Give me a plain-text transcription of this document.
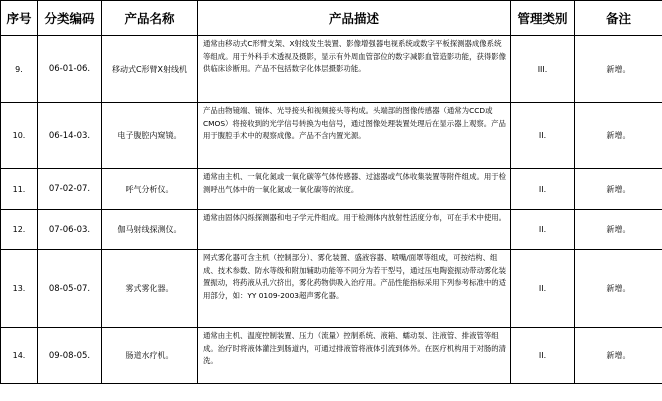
序号	分类编码	产品名称	产品描述	管理类别	备注
9.	06-01-06.	移动式C形臂X射线机	通常由移动式C形臂支架、X射线发生装置、影像增强器电视系统或数字平板探测器成像系统等组成。用于外科手术透视及摄影，显示有外周血管部位的数字减影血管造影功能，获得影像供临床诊断用。产品不包括数字化体层摄影功能。	III.	新增。
10.	06-14-03.	电子腹腔内窥镜。	产品由物镜端、镜体、光导接头和视频接头等构成。头端部的图像传感器（通常为CCD或CMOS）将接收到的光学信号转换为电信号，通过图像处理装置处理后在显示器上观察。产品用于腹腔手术中的观察成像。产品不含内置光源。	II.	新增。
11.	07-02-07.	呼气分析仪。	通常由主机、一氧化氮或一氧化碳等气体传感器、过滤器或气体收集装置等附件组成。用于检测呼出气体中的一氧化氮或一氧化碳等的浓度。	II.	新增。
12.	07-06-03.	伽马射线探测仪。	通常由固体闪烁探测器和电子学元件组成。用于检测体内放射性活度分布，可在手术中使用。	II.	新增。
13.	08-05-07.	雾式雾化器。	网式雾化器可含主机（控制部分）、雾化装置、盛液容器、喷嘴/面罩等组成，可按结构、组成、技术参数、防水等级和附加辅助功能等不同分为若干型号，通过压电陶瓷振动带动雾化装置振动，将药液从孔穴挤出，雾化药物供吸入治疗用。产品性能指标采用下列参考标准中的适用部分，如：YY 0109-2003超声雾化器。	II.	新增。
14.	09-08-05.	肠道水疗机。	通常由主机、温度控制装置、压力（流量）控制系统、液箱、蠕动泵、注液管、排液管等组成。治疗时将液体灌注到肠道内，可通过排液管将液体引流到体外。在医疗机构用于对肠的清洗。	II.	新增。
